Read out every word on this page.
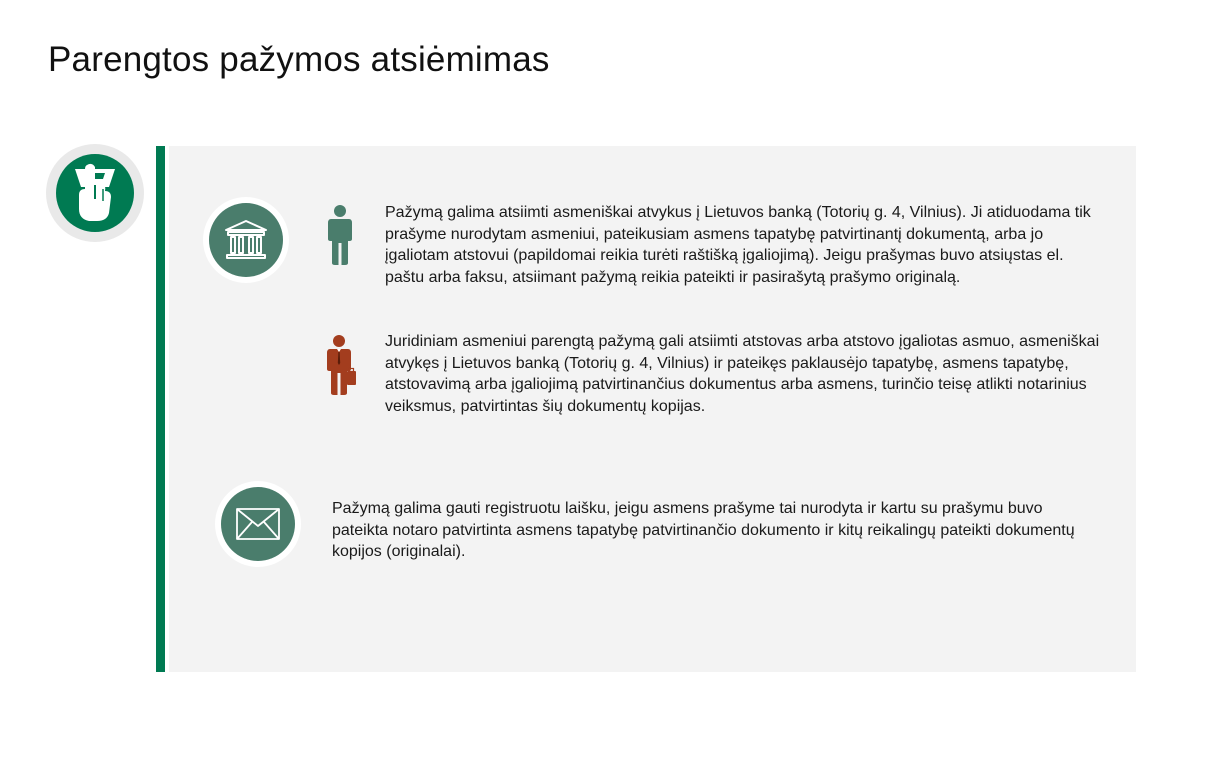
Parengtos pažymos atsiėmimas

Pažymą galima atsiimti asmeniškai atvykus į Lietuvos banką (Totorių g. 4, Vilnius). Ji atiduodama tik prašyme nurodytam asmeniui, pateikusiam asmens tapatybę patvirtinantį dokumentą, arba jo įgaliotam atstovui (papildomai reikia turėti raštišką įgaliojimą). Jeigu prašymas buvo atsiųstas el. paštu arba faksu, atsiimant pažymą reikia pateikti ir pasirašytą prašymo originalą.

Juridiniam asmeniui parengtą pažymą gali atsiimti atstovas arba atstovo įgaliotas asmuo, asmeniškai atvykęs į Lietuvos banką (Totorių g. 4, Vilnius) ir pateikęs paklausėjo tapatybę, asmens tapatybę, atstovavimą arba įgaliojimą patvirtinančius dokumentus arba asmens, turinčio teisę atlikti notarinius veiksmus, patvirtintas šių dokumentų kopijas.

Pažymą galima gauti registruotu laišku, jeigu asmens prašyme tai nurodyta ir kartu su prašymu buvo pateikta notaro patvirtinta asmens tapatybę patvirtinančio dokumento ir kitų reikalingų pateikti dokumentų kopijos (originalai).
